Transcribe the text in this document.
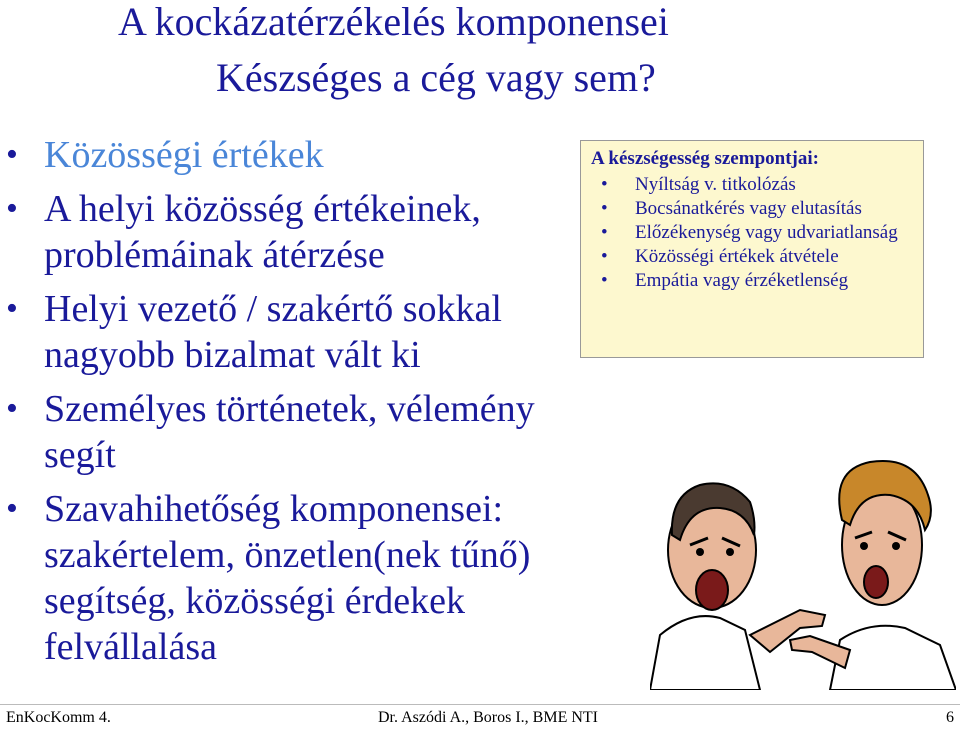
A kockázatérzékelés komponensei
Készséges a cég vagy sem?
• Közösségi értékek
• A helyi közösség értékeinek, problémáinak átérzése
• Helyi vezető / szakértő sokkal nagyobb bizalmat vált ki
• Személyes történetek, vélemény segít
• Szavahihetőség komponensei: szakértelem, önzetlen(nek tűnő) segítség, közösségi érdekek felvállalása
A készségesség szempontjai:
• Nyíltság v. titkolózás
• Bocsánatkérés vagy elutasítás
• Előzékenység vagy udvariatlanság
• Közösségi értékek átvétele
• Empátia vagy érzéketlenség
EnKocKomm 4.	Dr. Aszódi A., Boros I., BME NTI	6
